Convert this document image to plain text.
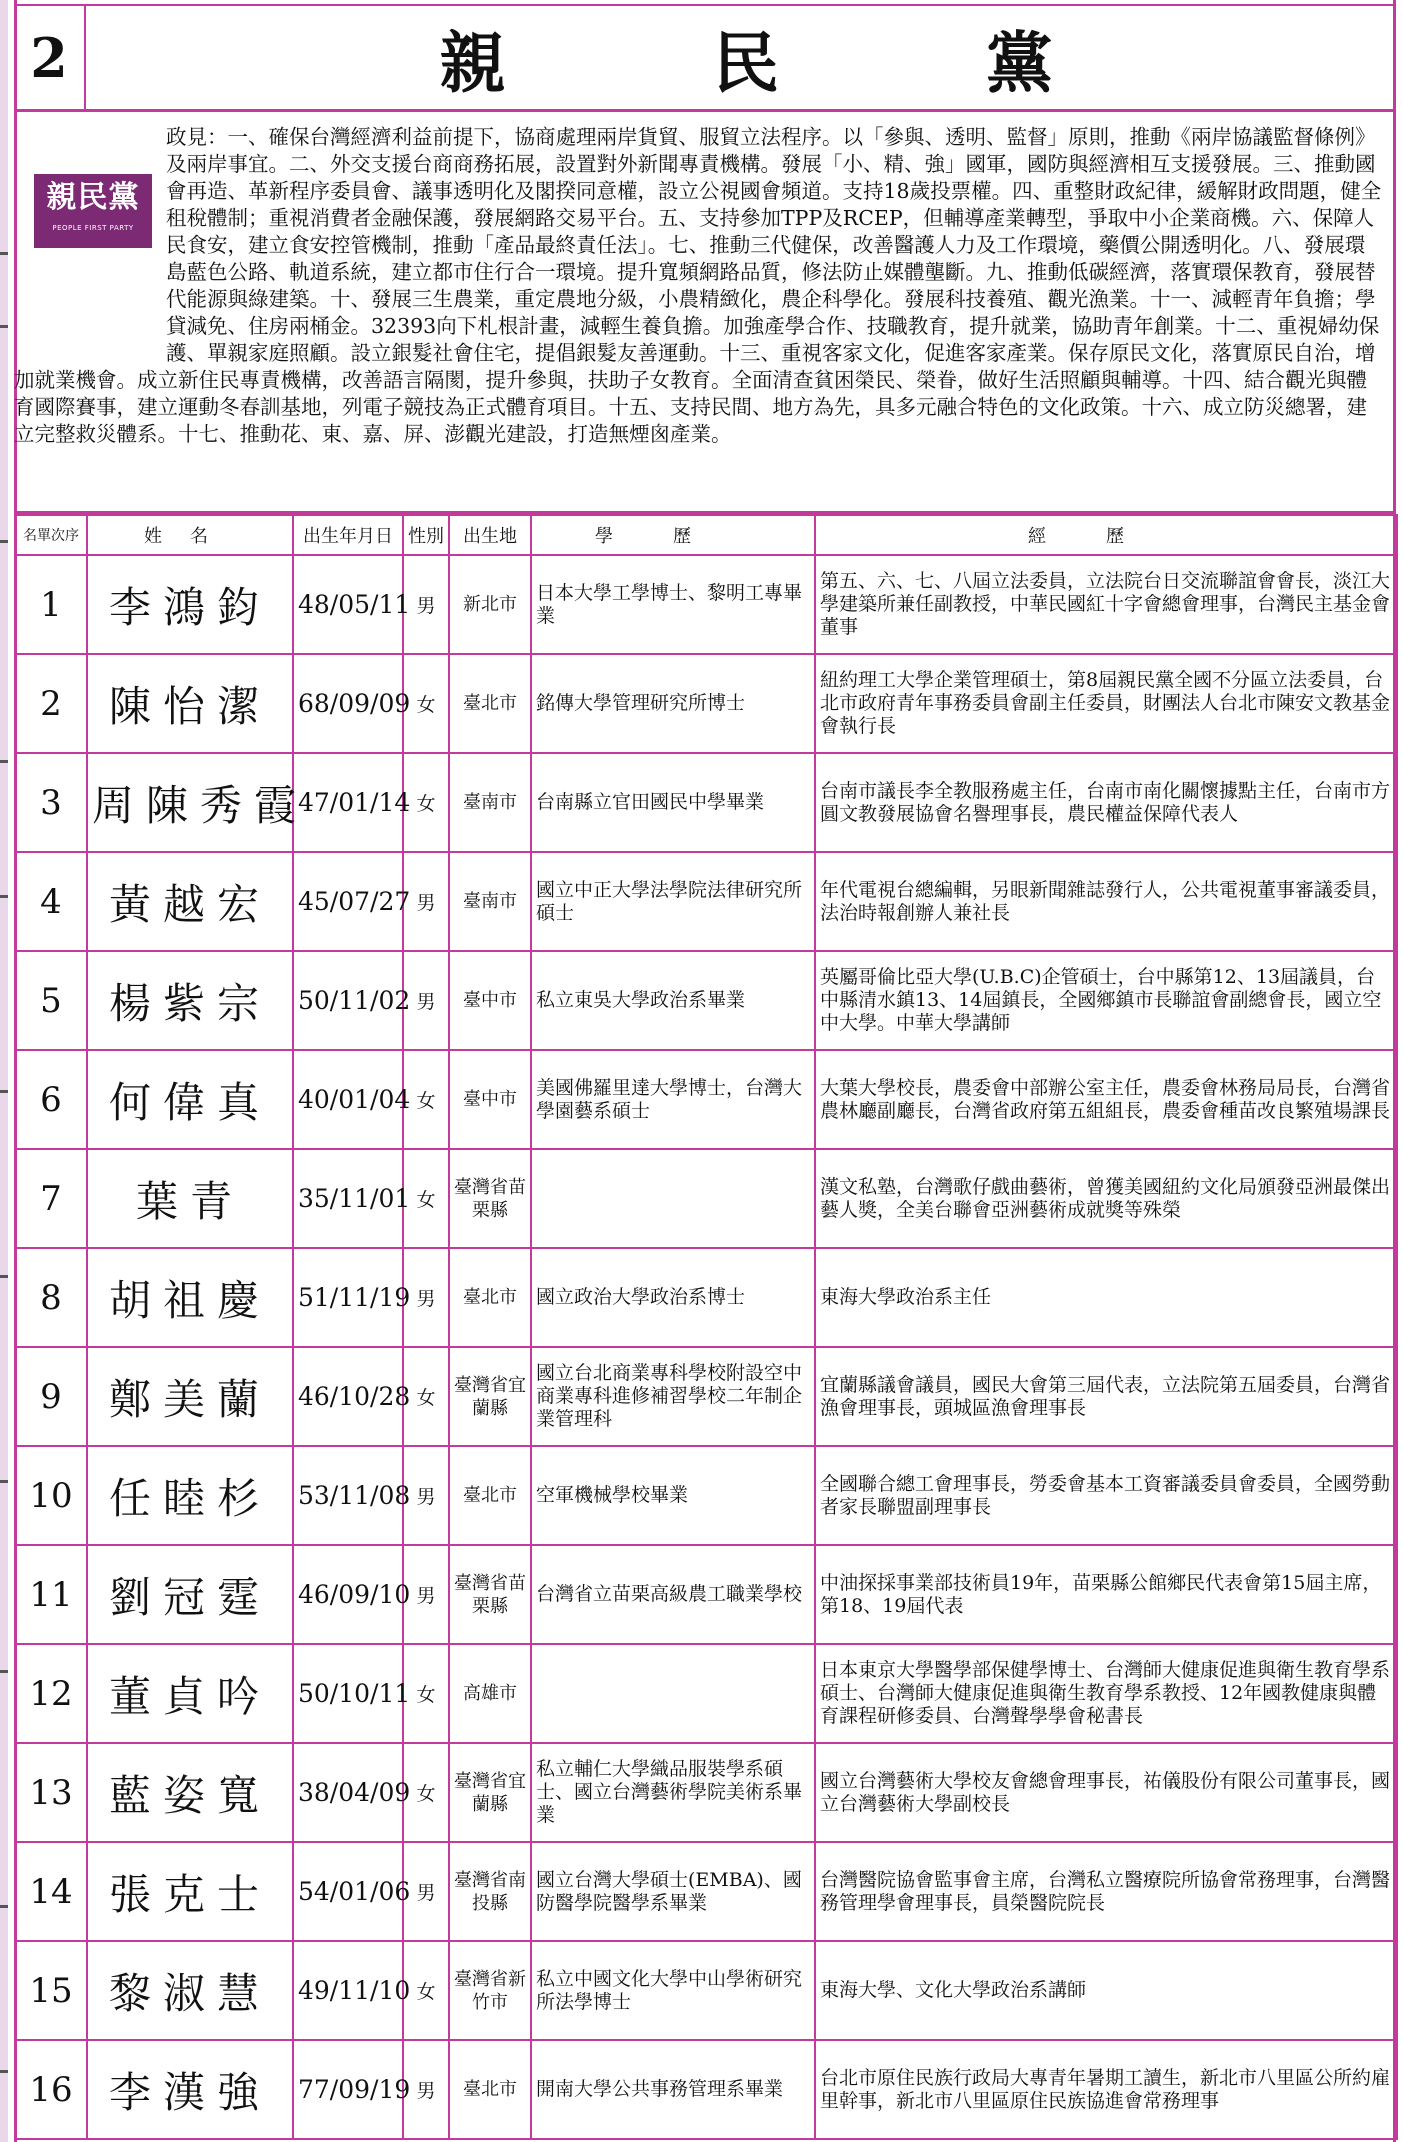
2	親	民	黨
親民黨
PEOPLE FIRST PARTY
政見：一、確保台灣經濟利益前提下，協商處理兩岸貨貿、服貿立法程序。以「參與、透明、監督」原則，推動《兩岸協議監督條例》及兩岸事宜。二、外交支援台商商務拓展，設置對外新聞專責機構。發展「小、精、強」國軍，國防與經濟相互支援發展。三、推動國會再造、革新程序委員會、議事透明化及閣揆同意權，設立公視國會頻道。支持18歲投票權。四、重整財政紀律，緩解財政問題，健全租稅體制；重視消費者金融保護，發展網路交易平台。五、支持參加TPP及RCEP，但輔導產業轉型，爭取中小企業商機。六、保障人民食安，建立食安控管機制，推動「產品最終責任法」。七、推動三代健保，改善醫護人力及工作環境，藥價公開透明化。八、發展環島藍色公路、軌道系統，建立都市住行合一環境。提升寬頻網路品質，修法防止媒體壟斷。九、推動低碳經濟，落實環保教育，發展替代能源與綠建築。十、發展三生農業，重定農地分級，小農精緻化，農企科學化。發展科技養殖、觀光漁業。十一、減輕青年負擔；學貸減免、住房兩桶金。32393向下札根計畫，減輕生養負擔。加強產學合作、技職教育，提升就業，協助青年創業。十二、重視婦幼保護、單親家庭照顧。設立銀髮社會住宅，提倡銀髮友善運動。十三、重視客家文化，促進客家產業。保存原民文化，落實原民自治，增加就業機會。成立新住民專責機構，改善語言隔閡，提升參與，扶助子女教育。全面清查貧困榮民、榮眷，做好生活照顧與輔導。十四、結合觀光與體育國際賽事，建立運動冬春訓基地，列電子競技為正式體育項目。十五、支持民間、地方為先，具多元融合特色的文化政策。十六、成立防災總署，建立完整救災體系。十七、推動花、東、嘉、屏、澎觀光建設，打造無煙囪產業。
名單次序	姓名	出生年月日	性別	出生地	學歷	經歷
1	李鴻鈞	48/05/11	男	新北市	日本大學工學博士、黎明工專畢業	第五、六、七、八屆立法委員，立法院台日交流聯誼會會長，淡江大學建築所兼任副教授，中華民國紅十字會總會理事，台灣民主基金會董事
2	陳怡潔	68/09/09	女	臺北市	銘傳大學管理研究所博士	紐約理工大學企業管理碩士，第8屆親民黨全國不分區立法委員，台北市政府青年事務委員會副主任委員，財團法人台北市陳安文教基金會執行長
3	周陳秀霞	47/01/14	女	臺南市	台南縣立官田國民中學畢業	台南市議長李全教服務處主任，台南市南化關懷據點主任，台南市方圓文教發展協會名譽理事長，農民權益保障代表人
4	黃越宏	45/07/27	男	臺南市	國立中正大學法學院法律研究所碩士	年代電視台總編輯，另眼新聞雜誌發行人，公共電視董事審議委員，法治時報創辦人兼社長
5	楊紫宗	50/11/02	男	臺中市	私立東吳大學政治系畢業	英屬哥倫比亞大學(U.B.C)企管碩士，台中縣第12、13屆議員，台中縣清水鎮13、14屆鎮長，全國鄉鎮市長聯誼會副總會長，國立空中大學。中華大學講師
6	何偉真	40/01/04	女	臺中市	美國佛羅里達大學博士，台灣大學園藝系碩士	大葉大學校長，農委會中部辦公室主任，農委會林務局局長，台灣省農林廳副廳長，台灣省政府第五組組長，農委會種苗改良繁殖場課長
7	葉青	35/11/01	女	臺灣省苗栗縣		漢文私塾，台灣歌仔戲曲藝術，曾獲美國紐約文化局頒發亞洲最傑出藝人獎，全美台聯會亞洲藝術成就獎等殊榮
8	胡祖慶	51/11/19	男	臺北市	國立政治大學政治系博士	東海大學政治系主任
9	鄭美蘭	46/10/28	女	臺灣省宜蘭縣	國立台北商業專科學校附設空中商業專科進修補習學校二年制企業管理科	宜蘭縣議會議員，國民大會第三屆代表，立法院第五屆委員，台灣省漁會理事長，頭城區漁會理事長
10	任睦杉	53/11/08	男	臺北市	空軍機械學校畢業	全國聯合總工會理事長，勞委會基本工資審議委員會委員，全國勞動者家長聯盟副理事長
11	劉冠霆	46/09/10	男	臺灣省苗栗縣	台灣省立苗栗高級農工職業學校	中油探採事業部技術員19年，苗栗縣公館鄉民代表會第15屆主席，第18、19屆代表
12	董貞吟	50/10/11	女	高雄市		日本東京大學醫學部保健學博士、台灣師大健康促進與衛生教育學系碩士、台灣師大健康促進與衛生教育學系教授、12年國教健康與體育課程研修委員、台灣聲學學會秘書長
13	藍姿寬	38/04/09	女	臺灣省宜蘭縣	私立輔仁大學織品服裝學系碩士、國立台灣藝術學院美術系畢業	國立台灣藝術大學校友會總會理事長，祐儀股份有限公司董事長，國立台灣藝術大學副校長
14	張克士	54/01/06	男	臺灣省南投縣	國立台灣大學碩士(EMBA)、國防醫學院醫學系畢業	台灣醫院協會監事會主席，台灣私立醫療院所協會常務理事，台灣醫務管理學會理事長，員榮醫院院長
15	黎淑慧	49/11/10	女	臺灣省新竹市	私立中國文化大學中山學術研究所法學博士	東海大學、文化大學政治系講師
16	李漢強	77/09/19	男	臺北市	開南大學公共事務管理系畢業	台北市原住民族行政局大專青年暑期工讀生，新北市八里區公所約雇里幹事，新北市八里區原住民族協進會常務理事
